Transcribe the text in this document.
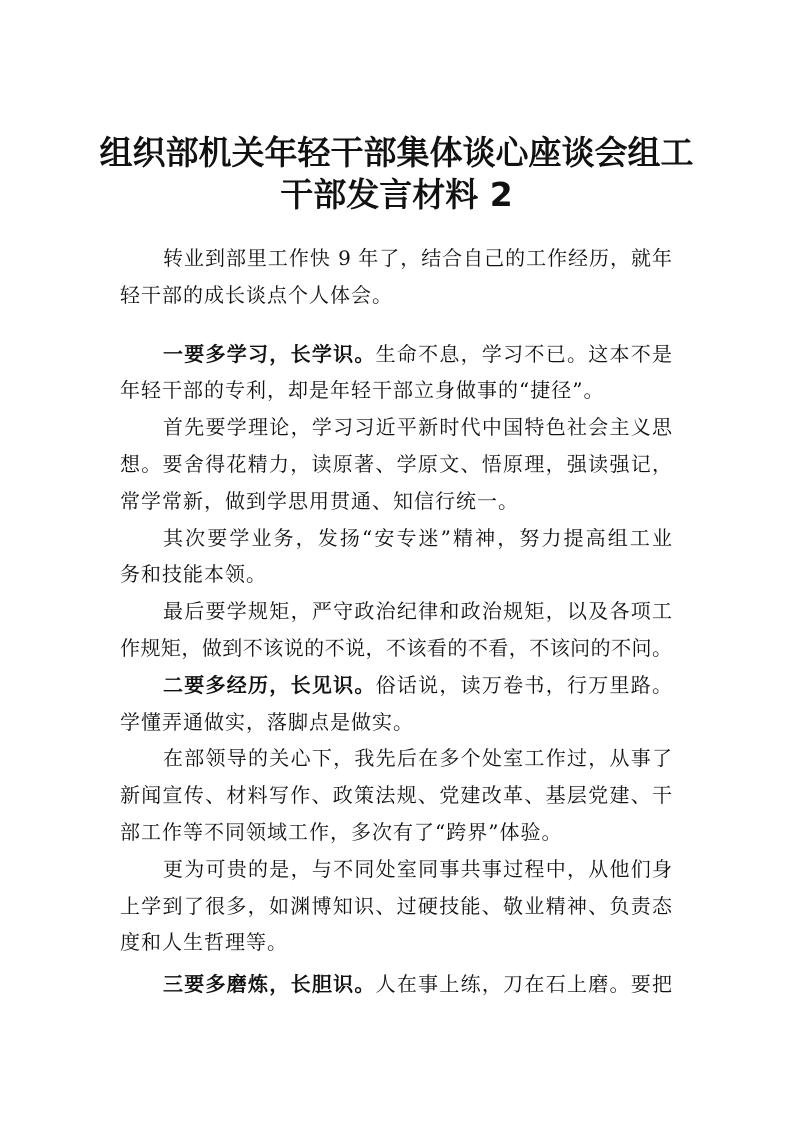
组织部机关年轻干部集体谈心座谈会组工
干部发言材料 2
转业到部里工作快 9 年了，结合自己的工作经历，就年
轻干部的成长谈点个人体会。
一要多学习，长学识。生命不息，学习不已。这本不是
年轻干部的专利，却是年轻干部立身做事的“捷径”。
首先要学理论，学习习近平新时代中国特色社会主义思
想。要舍得花精力，读原著、学原文、悟原理，强读强记，
常学常新，做到学思用贯通、知信行统一。
其次要学业务，发扬“安专迷”精神，努力提高组工业
务和技能本领。
最后要学规矩，严守政治纪律和政治规矩，以及各项工
作规矩，做到不该说的不说，不该看的不看，不该问的不问。
二要多经历，长见识。俗话说，读万卷书，行万里路。
学懂弄通做实，落脚点是做实。
在部领导的关心下，我先后在多个处室工作过，从事了
新闻宣传、材料写作、政策法规、党建改革、基层党建、干
部工作等不同领域工作，多次有了“跨界”体验。
更为可贵的是，与不同处室同事共事过程中，从他们身
上学到了很多，如渊博知识、过硬技能、敬业精神、负责态
度和人生哲理等。
三要多磨炼，长胆识。人在事上练，刀在石上磨。要把
